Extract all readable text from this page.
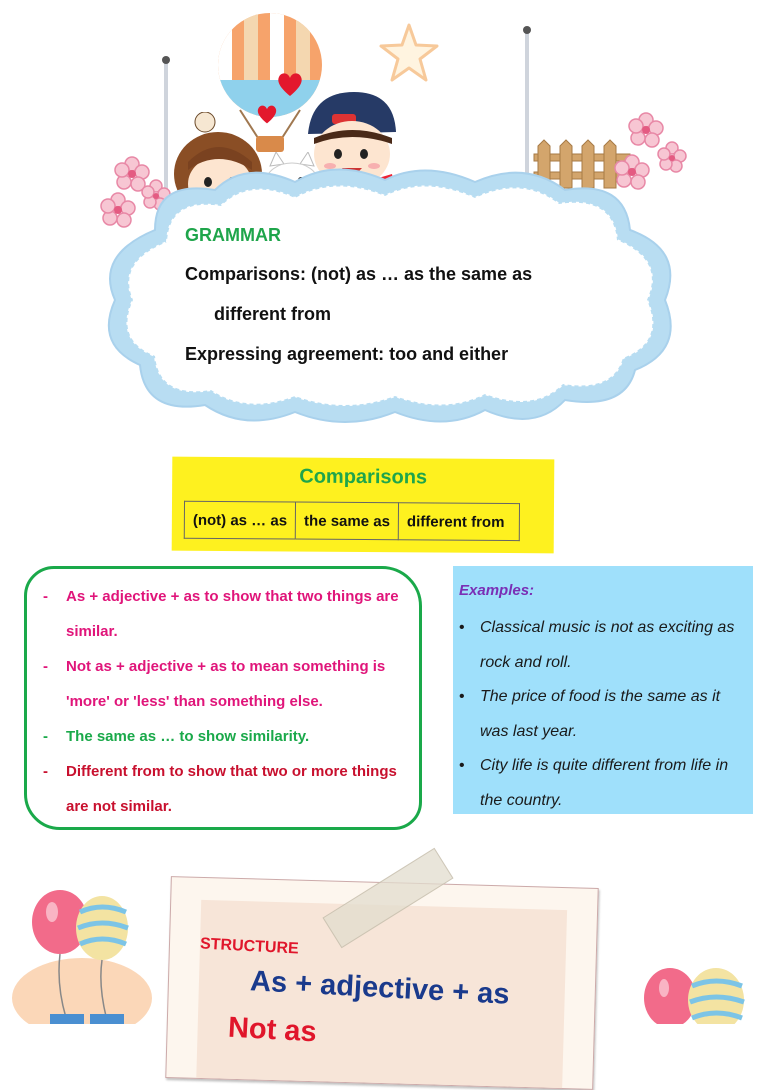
GRAMMAR
Comparisons: (not) as … as the same as
different from
Expressing agreement: too and either
Comparisons
(not) as … as	the same as	different from
-	As + adjective + as to show that two things are similar.
-	Not as + adjective + as to mean something is 'more' or 'less' than something else.
-	The same as … to show similarity.
-	Different from to show that two or more things are not similar.
Examples:
• Classical music is not as exciting as rock and roll.
• The price of food is the same as it was last year.
• City life is quite different from life in the country.
STRUCTURE
As + adjective + as
Not as
